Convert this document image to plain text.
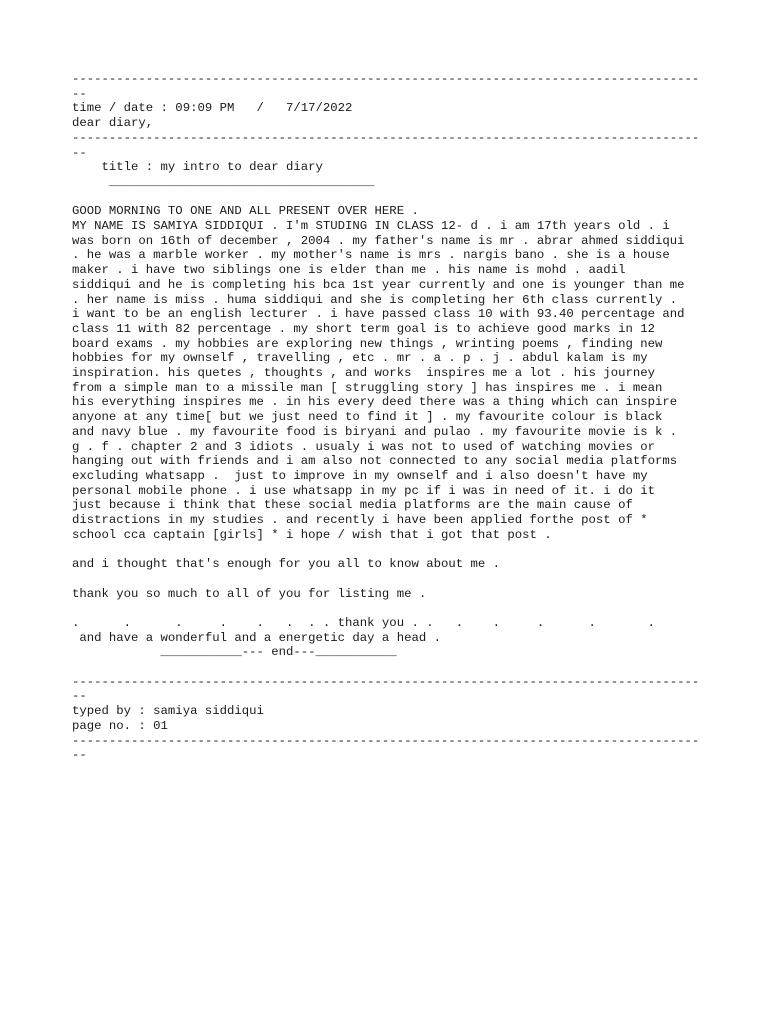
---------------------------------------------------------------------------------------
time / date : 09:09 PM   /   7/17/2022
dear diary,
---------------------------------------------------------------------------------------
title : my intro to dear diary
____________________________________
GOOD MORNING TO ONE AND ALL PRESENT OVER HERE .
MY NAME IS SAMIYA SIDDIQUI . I'm STUDING IN CLASS 12- d . i am 17th years old . i
was born on 16th of december , 2004 . my father's name is mr . abrar ahmed siddiqui
. he was a marble worker . my mother's name is mrs . nargis bano . she is a house
maker . i have two siblings one is elder than me . his name is mohd . aadil
siddiqui and he is completing his bca 1st year currently and one is younger than me
. her name is miss . huma siddiqui and she is completing her 6th class currently .
i want to be an english lecturer . i have passed class 10 with 93.40 percentage and
class 11 with 82 percentage . my short term goal is to achieve good marks in 12
board exams . my hobbies are exploring new things , wrinting poems , finding new
hobbies for my ownself , travelling , etc . mr . a . p . j . abdul kalam is my
inspiration. his quetes , thoughts , and works  inspires me a lot . his journey
from a simple man to a missile man [ struggling story ] has inspires me . i mean
his everything inspires me . in his every deed there was a thing which can inspire
anyone at any time[ but we just need to find it ] . my favourite colour is black
and navy blue . my favourite food is biryani and pulao . my favourite movie is k .
g . f . chapter 2 and 3 idiots . usualy i was not to used of watching movies or
hanging out with friends and i am also not connected to any social media platforms
excluding whatsapp .  just to improve in my ownself and i also doesn't have my
personal mobile phone . i use whatsapp in my pc if i was in need of it. i do it
just because i think that these social media platforms are the main cause of
distractions in my studies . and recently i have been applied forthe post of *
school cca captain [girls] * i hope / wish that i got that post .
and i thought that's enough for you all to know about me .
thank you so much to all of you for listing me .
.      .      .     .    .   .  . . thank you . .   .    .     .      .       .
and have a wonderful and a energetic day a head .
___________--- end---___________
---------------------------------------------------------------------------------------
typed by : samiya siddiqui
page no. : 01
---------------------------------------------------------------------------------------
